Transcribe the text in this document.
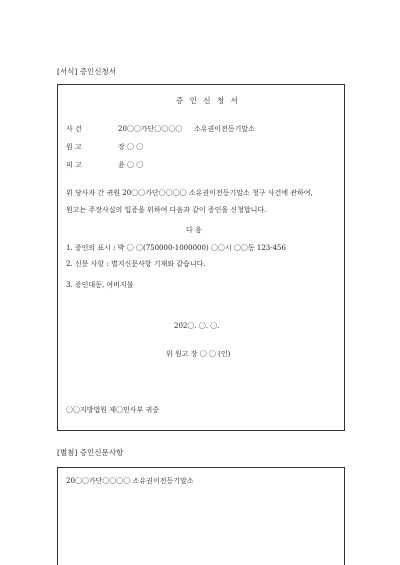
[서식] 증인신청서
증 인 신 청 서
사 건	20〇〇가단〇〇〇〇 소유권이전등기말소
원 고	장 〇 〇
피 고	윤 〇 〇
위 당사자 간 귀원 20〇〇가단〇〇〇〇 소유권이전등기말소 청구 사건에 관하여,
원고는 주장사실의 입증을 위하여 다음과 같이 증인을 신청합니다.
다 음
1. 증인의 표시 : 박 〇 〇(750000-1000000) 〇〇시 〇〇동 123-456
2. 신문 사항 : 별지신문사항 기재와 같습니다.
3. 증인대동, 여비지불
202〇. 〇. 〇.
위 원고 장 〇 〇 (인)
〇〇지방법원 제〇민사부 귀중
[별첨] 증인신문사항
20〇〇가단〇〇〇〇 소유권이전등기말소
